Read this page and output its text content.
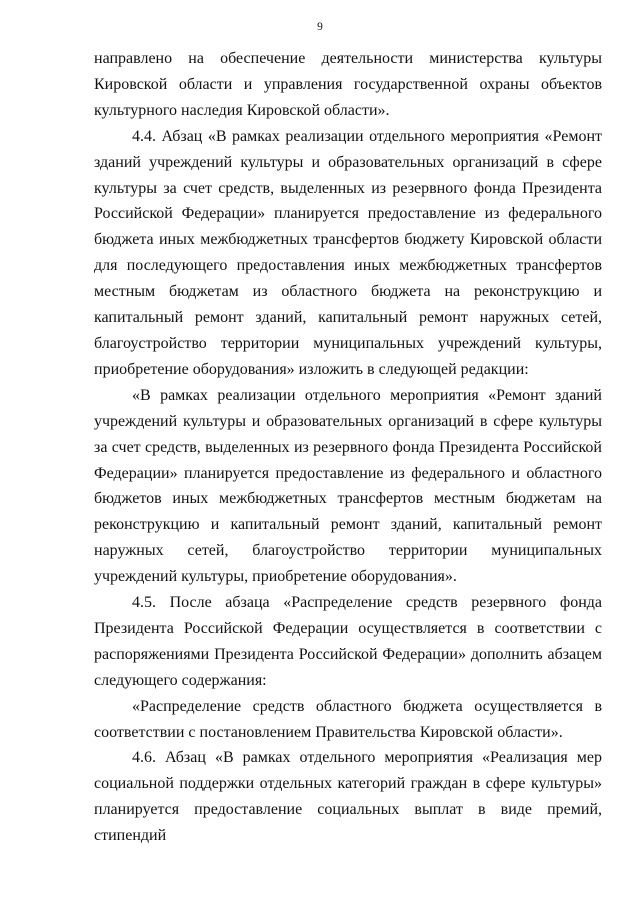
9

направлено на обеспечение деятельности министерства культуры Кировской области и управления государственной охраны объектов культурного наследия Кировской области».

4.4. Абзац «В рамках реализации отдельного мероприятия «Ремонт зданий учреждений культуры и образовательных организаций в сфере культуры за счет средств, выделенных из резервного фонда Президента Российской Федерации» планируется предоставление из федерального бюджета иных межбюджетных трансфертов бюджету Кировской области для последующего предоставления иных межбюджетных трансфертов местным бюджетам из областного бюджета на реконструкцию и капитальный ремонт зданий, капитальный ремонт наружных сетей, благоустройство территории муниципальных учреждений культуры, приобретение оборудования» изложить в следующей редакции:

«В рамках реализации отдельного мероприятия «Ремонт зданий учреждений культуры и образовательных организаций в сфере культуры за счет средств, выделенных из резервного фонда Президента Российской Федерации» планируется предоставление из федерального и областного бюджетов иных межбюджетных трансфертов местным бюджетам на реконструкцию и капитальный ремонт зданий, капитальный ремонт наружных сетей, благоустройство территории муниципальных учреждений культуры, приобретение оборудования».

4.5. После абзаца «Распределение средств резервного фонда Президента Российской Федерации осуществляется в соответствии с распоряжениями Президента Российской Федерации» дополнить абзацем следующего содержания:

«Распределение средств областного бюджета осуществляется в соответствии с постановлением Правительства Кировской области».

4.6. Абзац «В рамках отдельного мероприятия «Реализация мер социальной поддержки отдельных категорий граждан в сфере культуры» планируется предоставление социальных выплат в виде премий, стипендий
